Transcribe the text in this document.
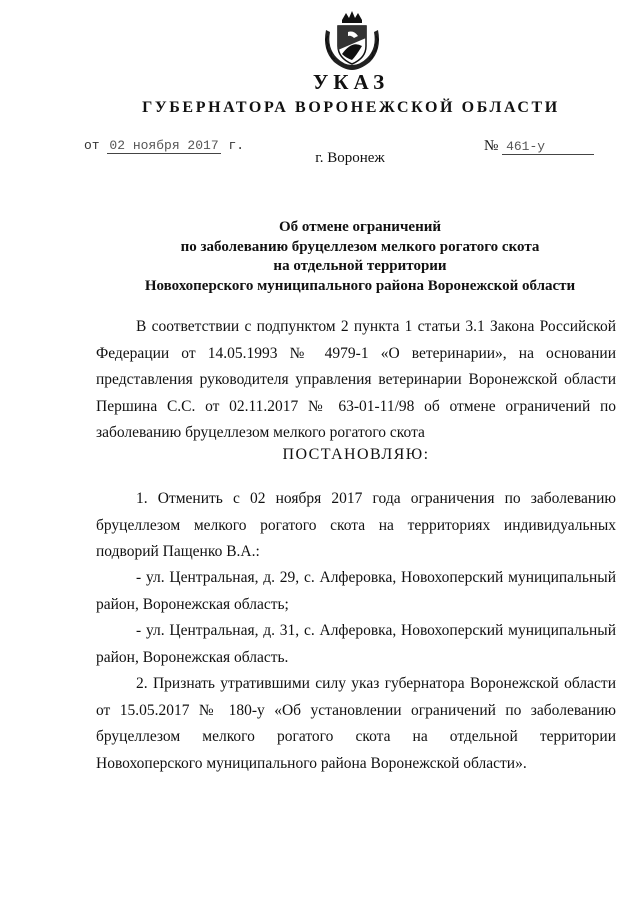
УКАЗ
ГУБЕРНАТОРА ВОРОНЕЖСКОЙ ОБЛАСТИ
от 02 ноября 2017 г.	№ 461-у
г. Воронеж
Об отмене ограничений
по заболеванию бруцеллезом мелкого рогатого скота
на отдельной территории
Новохоперского муниципального района Воронежской области
В соответствии с подпунктом 2 пункта 1 статьи 3.1 Закона Российской Федерации от 14.05.1993 № 4979-1 «О ветеринарии», на основании представления руководителя управления ветеринарии Воронежской области Першина С.С. от 02.11.2017 № 63-01-11/98 об отмене ограничений по заболеванию бруцеллезом мелкого рогатого скота
ПОСТАНОВЛЯЮ:
1. Отменить с 02 ноября 2017 года ограничения по заболеванию бруцеллезом мелкого рогатого скота на территориях индивидуальных подворий Пащенко В.А.:
- ул. Центральная, д. 29, с. Алферовка, Новохоперский муниципальный район, Воронежская область;
- ул. Центральная, д. 31, с. Алферовка, Новохоперский муниципальный район, Воронежская область.
2. Признать утратившими силу указ губернатора Воронежской области от 15.05.2017 № 180-у «Об установлении ограничений по заболеванию бруцеллезом мелкого рогатого скота на отдельной территории Новохоперского муниципального района Воронежской области».
